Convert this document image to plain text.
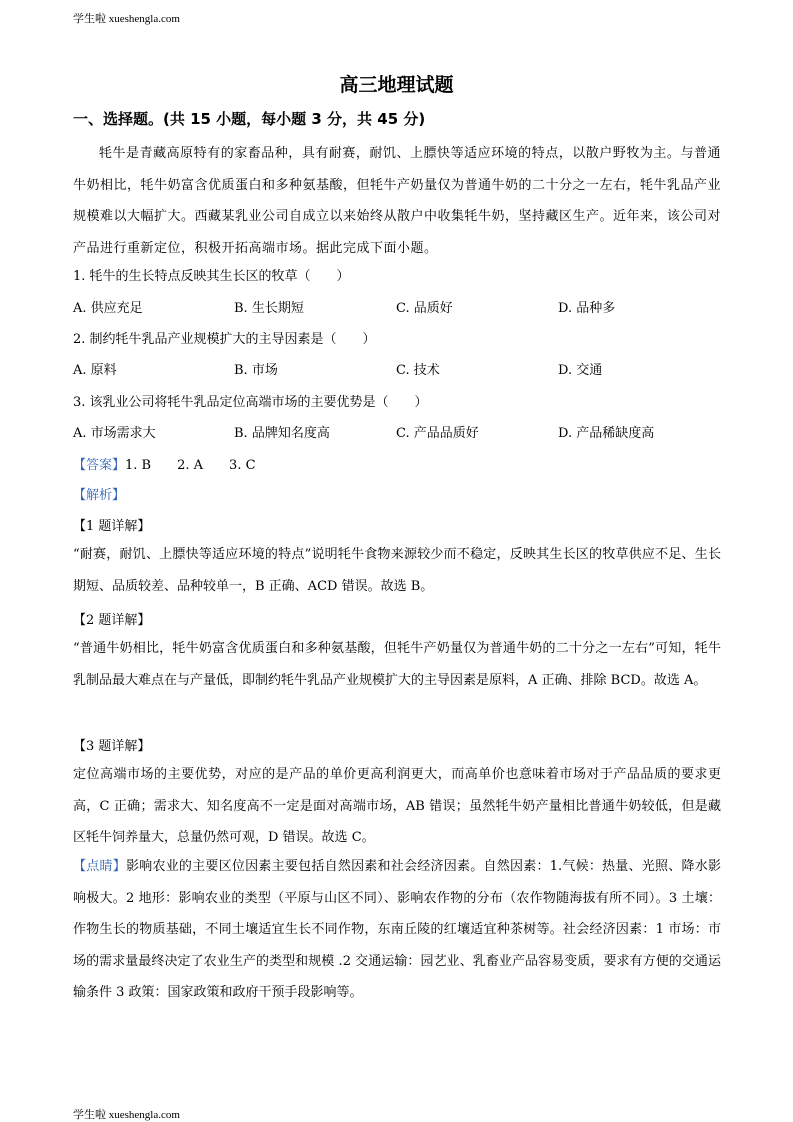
学生啦 xueshengla.com
高三地理试题
一、选择题。(共 15 小题，每小题 3 分，共 45 分)

牦牛是青藏高原特有的家畜品种，具有耐赛，耐饥、上膘快等适应环境的特点，以散户野牧为主。与普通牛奶相比，牦牛奶富含优质蛋白和多种氨基酸，但牦牛产奶量仅为普通牛奶的二十分之一左右，牦牛乳品产业规模难以大幅扩大。西藏某乳业公司自成立以来始终从散户中收集牦牛奶，坚持藏区生产。近年来，该公司对产品进行重新定位，积极开拓高端市场。据此完成下面小题。

1. 牦牛的生长特点反映其生长区的牧草（　　）
A. 供应充足	B. 生长期短	C. 品质好	D. 品种多
2. 制约牦牛乳品产业规模扩大的主导因素是（　　）
A. 原料	B. 市场	C. 技术	D. 交通
3. 该乳业公司将牦牛乳品定位高端市场的主要优势是（　　）
A. 市场需求大	B. 品牌知名度高	C. 产品品质好	D. 产品稀缺度高
【答案】1. B 2. A 3. C
【解析】
【1 题详解】

“耐赛，耐饥、上膘快等适应环境的特点”说明牦牛食物来源较少而不稳定，反映其生长区的牧草供应不足、生长期短、品质较差、品种较单一，B 正确、ACD 错误。故选 B。

【2 题详解】

“普通牛奶相比，牦牛奶富含优质蛋白和多种氨基酸，但牦牛产奶量仅为普通牛奶的二十分之一左右”可知，牦牛乳制品最大难点在与产量低，即制约牦牛乳品产业规模扩大的主导因素是原料，A 正确、排除 BCD。故选 A。

【3 题详解】

定位高端市场的主要优势，对应的是产品的单价更高利润更大，而高单价也意味着市场对于产品品质的要求更高，C 正确；需求大、知名度高不一定是面对高端市场，AB 错误；虽然牦牛奶产量相比普通牛奶较低，但是藏区牦牛饲养量大，总量仍然可观，D 错误。故选 C。

【点睛】影响农业的主要区位因素主要包括自然因素和社会经济因素。自然因素：1.气候：热量、光照、降水影响极大。2 地形：影响农业的类型（平原与山区不同）、影响农作物的分布（农作物随海拔有所不同）。3 土壤：作物生长的物质基础，不同土壤适宜生长不同作物，东南丘陵的红壤适宜种茶树等。社会经济因素：1 市场：市场的需求量最终决定了农业生产的类型和规模 .2 交通运输：园艺业、乳畜业产品容易变质，要求有方便的交通运输条件 3 政策：国家政策和政府干预手段影响等。

学生啦 xueshengla.com
